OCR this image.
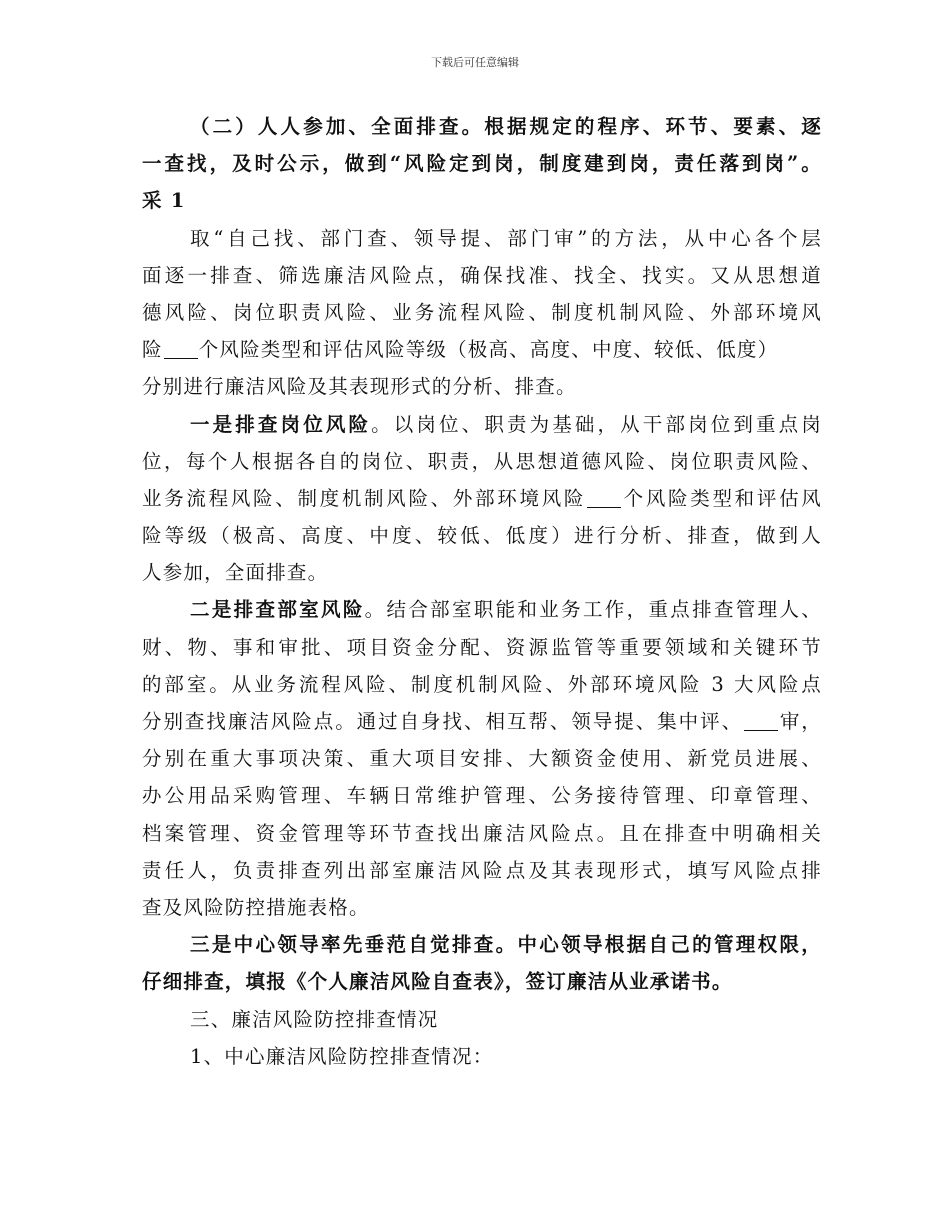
下载后可任意编辑
（二）人人参加、全面排查。根据规定的程序、环节、要素、逐
一查找，及时公示，做到“风险定到岗，制度建到岗，责任落到岗”。
采 1
取“自己找、部门查、领导提、部门审”的方法，从中心各个层
面逐一排查、筛选廉洁风险点，确保找准、找全、找实。又从思想道
德风险、岗位职责风险、业务流程风险、制度机制风险、外部环境风
险 个风险类型和评估风险等级（极高、高度、中度、较低、低度）
分别进行廉洁风险及其表现形式的分析、排查。
一是排查岗位风险。以岗位、职责为基础，从干部岗位到重点岗
位，每个人根据各自的岗位、职责，从思想道德风险、岗位职责风险、
业务流程风险、制度机制风险、外部环境风险 个风险类型和评估风
险等级（极高、高度、中度、较低、低度）进行分析、排查，做到人
人参加，全面排查。
二是排查部室风险。结合部室职能和业务工作，重点排查管理人、
财、物、事和审批、项目资金分配、资源监管等重要领域和关键环节
的部室。从业务流程风险、制度机制风险、外部环境风险 3 大风险点
分别查找廉洁风险点。通过自身找、相互帮、领导提、集中评、 审，
分别在重大事项决策、重大项目安排、大额资金使用、新党员进展、
办公用品采购管理、车辆日常维护管理、公务接待管理、印章管理、
档案管理、资金管理等环节查找出廉洁风险点。且在排查中明确相关
责任人，负责排查列出部室廉洁风险点及其表现形式，填写风险点排
查及风险防控措施表格。
三是中心领导率先垂范自觉排查。中心领导根据自己的管理权限，
仔细排查，填报《个人廉洁风险自查表》，签订廉洁从业承诺书。
三、廉洁风险防控排查情况
1、中心廉洁风险防控排查情况：
